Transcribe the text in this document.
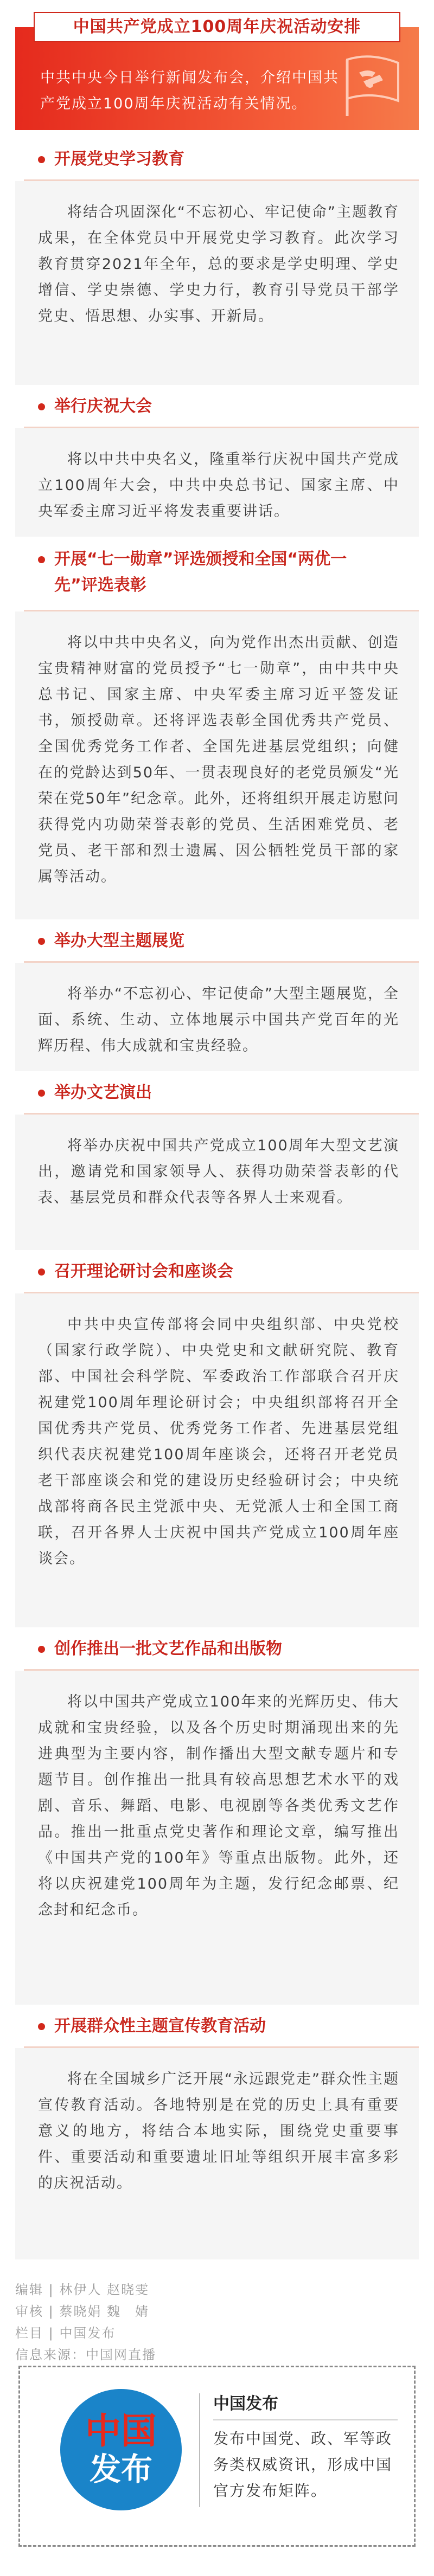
中共中央今日举行新闻发布会，介绍中国共产党成立100周年庆祝活动有关情况。
中国共产党成立100周年庆祝活动安排
开展党史学习教育
将结合巩固深化“不忘初心、牢记使命”主题教育成果，在全体党员中开展党史学习教育。此次学习教育贯穿2021年全年，总的要求是学史明理、学史增信、学史崇德、学史力行，教育引导党员干部学党史、悟思想、办实事、开新局。
举行庆祝大会
将以中共中央名义，隆重举行庆祝中国共产党成立100周年大会，中共中央总书记、国家主席、中央军委主席习近平将发表重要讲话。
开展“七一勋章”评选颁授和全国“两优一先”评选表彰
将以中共中央名义，向为党作出杰出贡献、创造宝贵精神财富的党员授予“七一勋章”，由中共中央总书记、国家主席、中央军委主席习近平签发证书，颁授勋章。还将评选表彰全国优秀共产党员、全国优秀党务工作者、全国先进基层党组织；向健在的党龄达到50年、一贯表现良好的老党员颁发“光荣在党50年”纪念章。此外，还将组织开展走访慰问获得党内功勋荣誉表彰的党员、生活困难党员、老党员、老干部和烈士遗属、因公牺牲党员干部的家属等活动。
举办大型主题展览
将举办“不忘初心、牢记使命”大型主题展览，全面、系统、生动、立体地展示中国共产党百年的光辉历程、伟大成就和宝贵经验。
举办文艺演出
将举办庆祝中国共产党成立100周年大型文艺演出，邀请党和国家领导人、获得功勋荣誉表彰的代表、基层党员和群众代表等各界人士来观看。
召开理论研讨会和座谈会
中共中央宣传部将会同中央组织部、中央党校（国家行政学院）、中央党史和文献研究院、教育部、中国社会科学院、军委政治工作部联合召开庆祝建党100周年理论研讨会；中央组织部将召开全国优秀共产党员、优秀党务工作者、先进基层党组织代表庆祝建党100周年座谈会，还将召开老党员老干部座谈会和党的建设历史经验研讨会；中央统战部将商各民主党派中央、无党派人士和全国工商联，召开各界人士庆祝中国共产党成立100周年座谈会。
创作推出一批文艺作品和出版物
将以中国共产党成立100年来的光辉历史、伟大成就和宝贵经验，以及各个历史时期涌现出来的先进典型为主要内容，制作播出大型文献专题片和专题节目。创作推出一批具有较高思想艺术水平的戏剧、音乐、舞蹈、电影、电视剧等各类优秀文艺作品。推出一批重点党史著作和理论文章，编写推出《中国共产党的100年》等重点出版物。此外，还将以庆祝建党100周年为主题，发行纪念邮票、纪念封和纪念币。
开展群众性主题宣传教育活动
将在全国城乡广泛开展“永远跟党走”群众性主题宣传教育活动。各地特别是在党的历史上具有重要意义的地方，将结合本地实际，围绕党史重要事件、重要活动和重要遗址旧址等组织开展丰富多彩的庆祝活动。
编辑 | 林伊人 赵晓雯
审核 | 蔡晓娟 魏　婧
栏目 | 中国发布
信息来源：中国网直播
中国
发布
中国发布
发布中国党、政、军等政务类权威资讯，形成中国官方发布矩阵。
